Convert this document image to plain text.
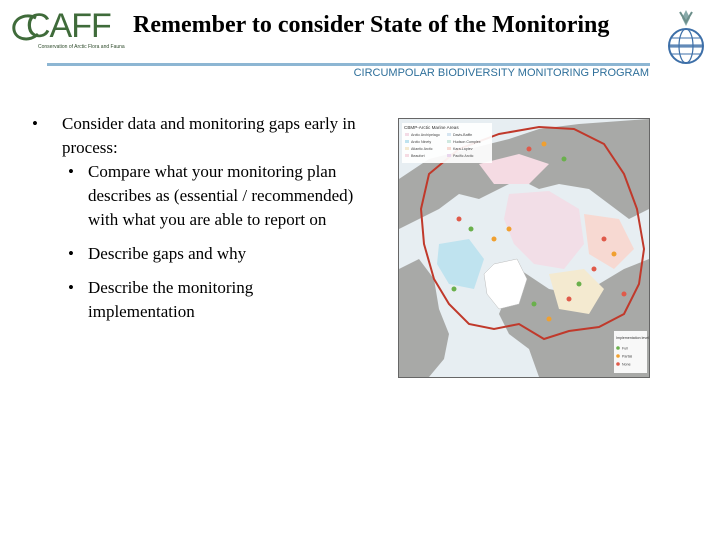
CAFF
Conservation of Arctic Flora and Fauna
Remember to consider State of the Monitoring
CIRCUMPOLAR BIODIVERSITY MONITORING PROGRAM
• Consider data and monitoring gaps early in process:
• Compare what your monitoring plan describes as (essential / recommended) with what you are able to report on
• Describe gaps and why
• Describe the monitoring implementation
CBMP-Arctic Marine Areas
Arctic Archipelago
Arctic Ninety
Atlantic Arctic
Beaufort
Davis-Baffin
Hudson Complex
Kara-Laptev
Pacific Arctic
Implementation level
Full
Partial
None
